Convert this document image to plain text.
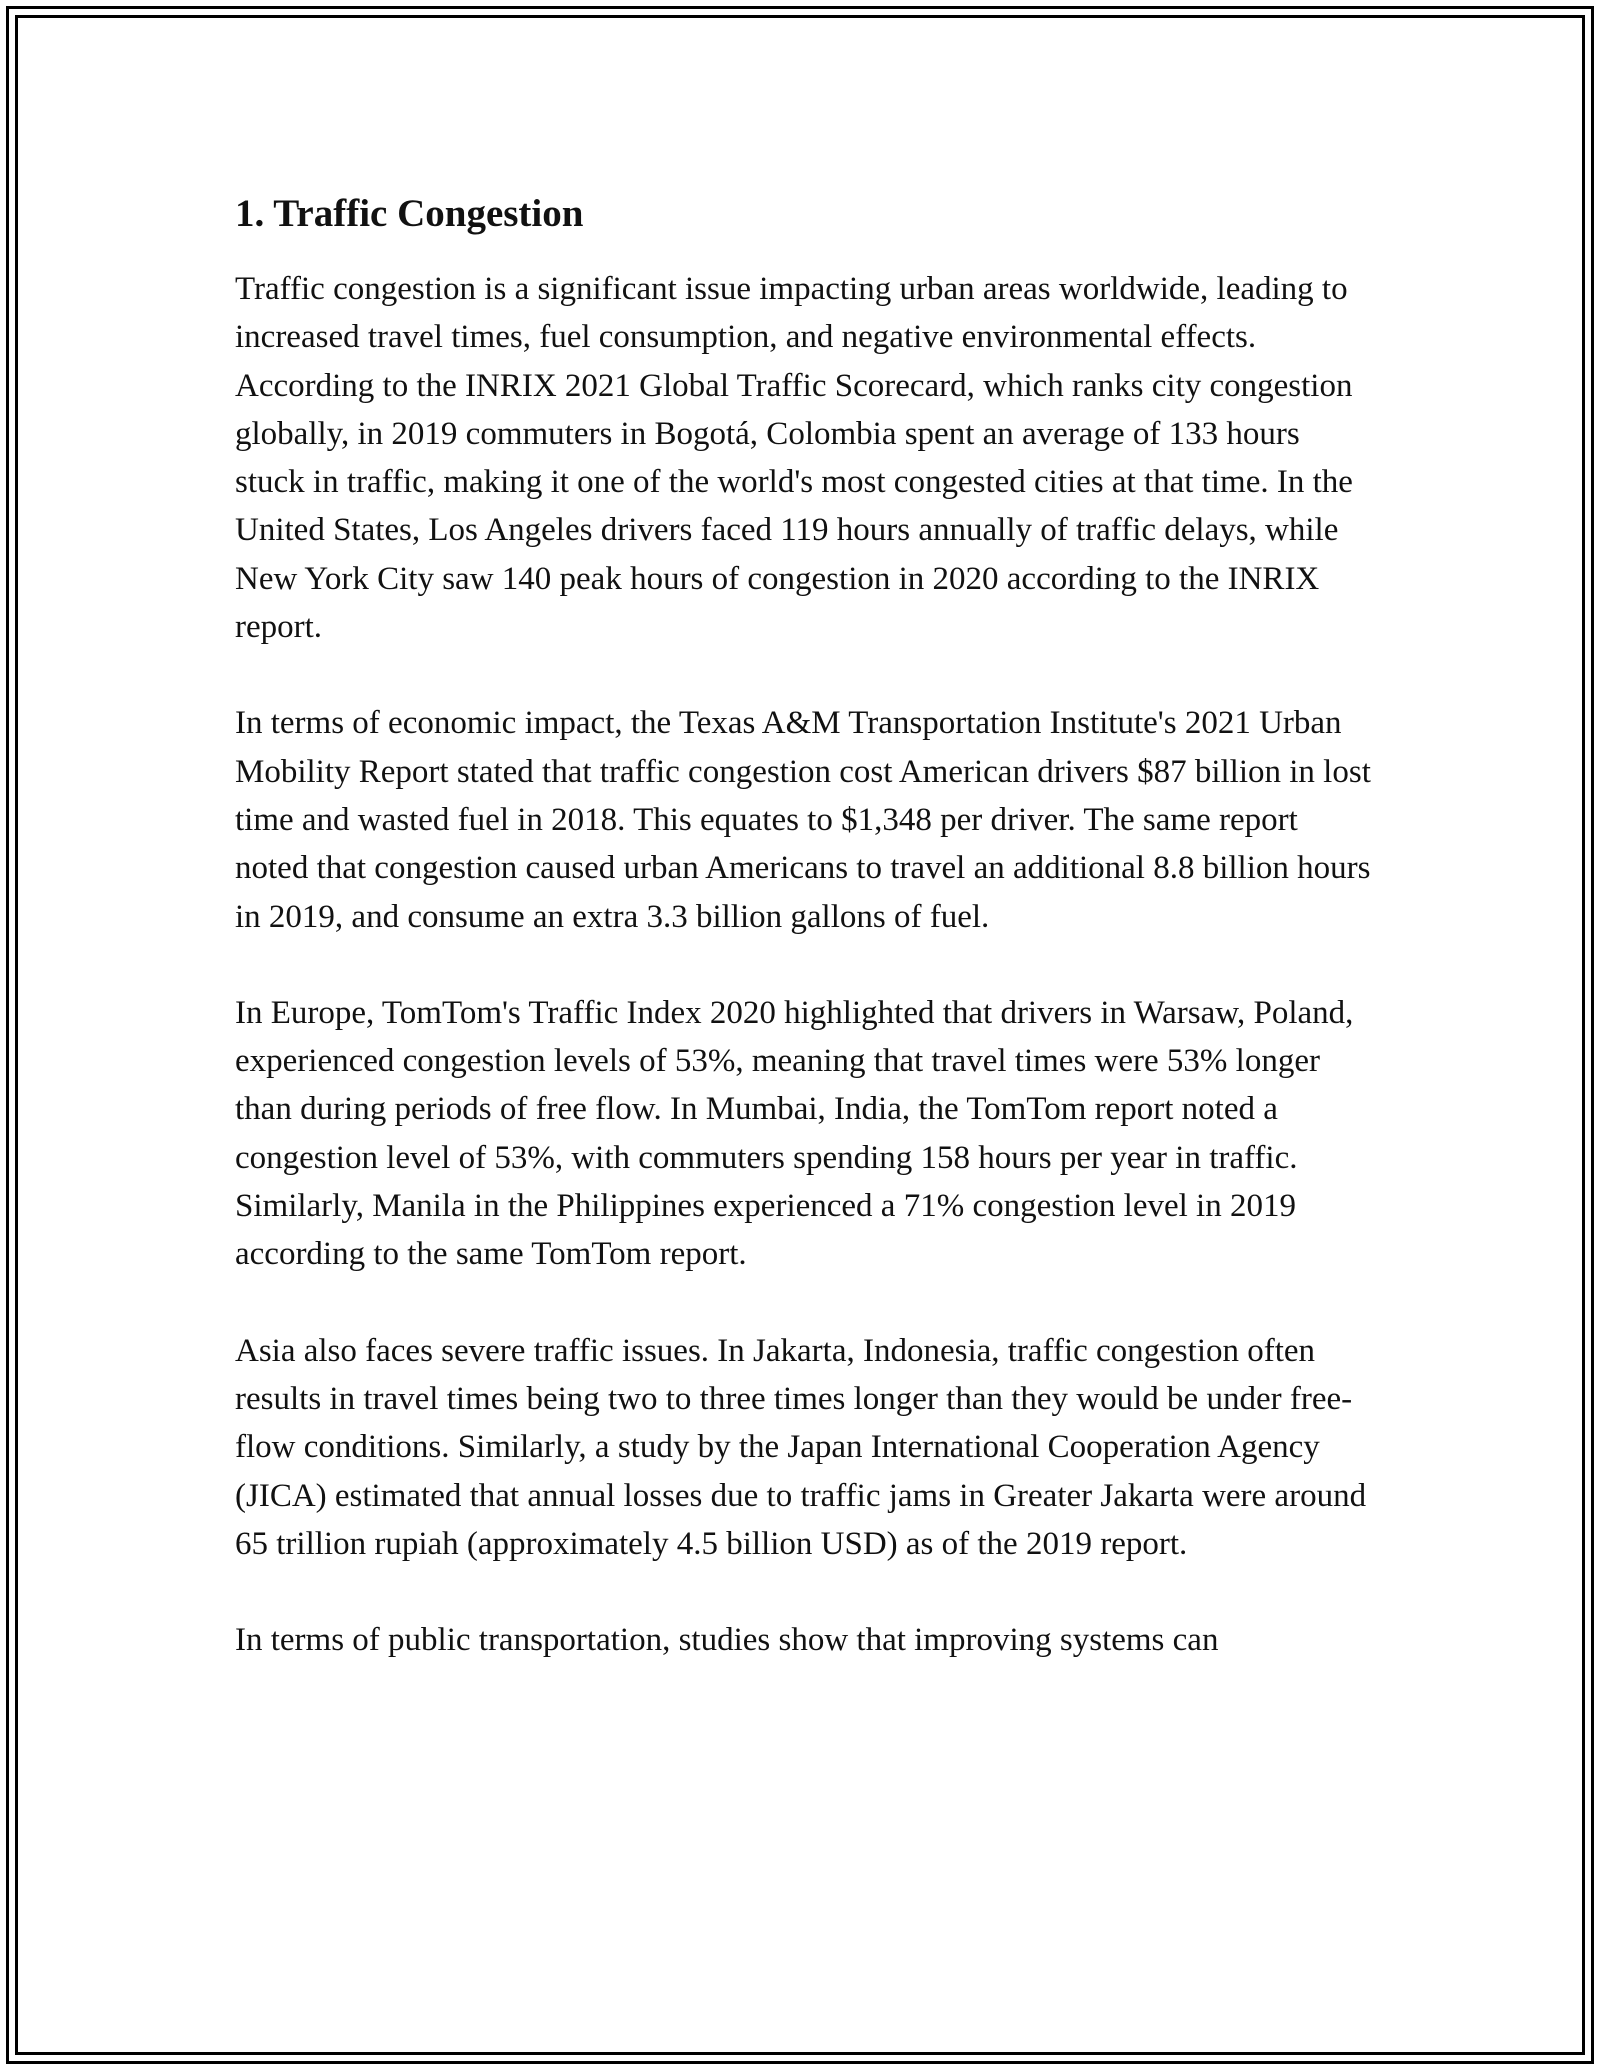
1. Traffic Congestion

Traffic congestion is a significant issue impacting urban areas worldwide, leading to increased travel times, fuel consumption, and negative environmental effects. According to the INRIX 2021 Global Traffic Scorecard, which ranks city congestion globally, in 2019 commuters in Bogotá, Colombia spent an average of 133 hours stuck in traffic, making it one of the world's most congested cities at that time. In the United States, Los Angeles drivers faced 119 hours annually of traffic delays, while New York City saw 140 peak hours of congestion in 2020 according to the INRIX report.

In terms of economic impact, the Texas A&M Transportation Institute's 2021 Urban Mobility Report stated that traffic congestion cost American drivers $87 billion in lost time and wasted fuel in 2018. This equates to $1,348 per driver. The same report noted that congestion caused urban Americans to travel an additional 8.8 billion hours in 2019, and consume an extra 3.3 billion gallons of fuel.

In Europe, TomTom's Traffic Index 2020 highlighted that drivers in Warsaw, Poland, experienced congestion levels of 53%, meaning that travel times were 53% longer than during periods of free flow. In Mumbai, India, the TomTom report noted a congestion level of 53%, with commuters spending 158 hours per year in traffic. Similarly, Manila in the Philippines experienced a 71% congestion level in 2019 according to the same TomTom report.

Asia also faces severe traffic issues. In Jakarta, Indonesia, traffic congestion often results in travel times being two to three times longer than they would be under free-flow conditions. Similarly, a study by the Japan International Cooperation Agency (JICA) estimated that annual losses due to traffic jams in Greater Jakarta were around 65 trillion rupiah (approximately 4.5 billion USD) as of the 2019 report.

In terms of public transportation, studies show that improving systems can
